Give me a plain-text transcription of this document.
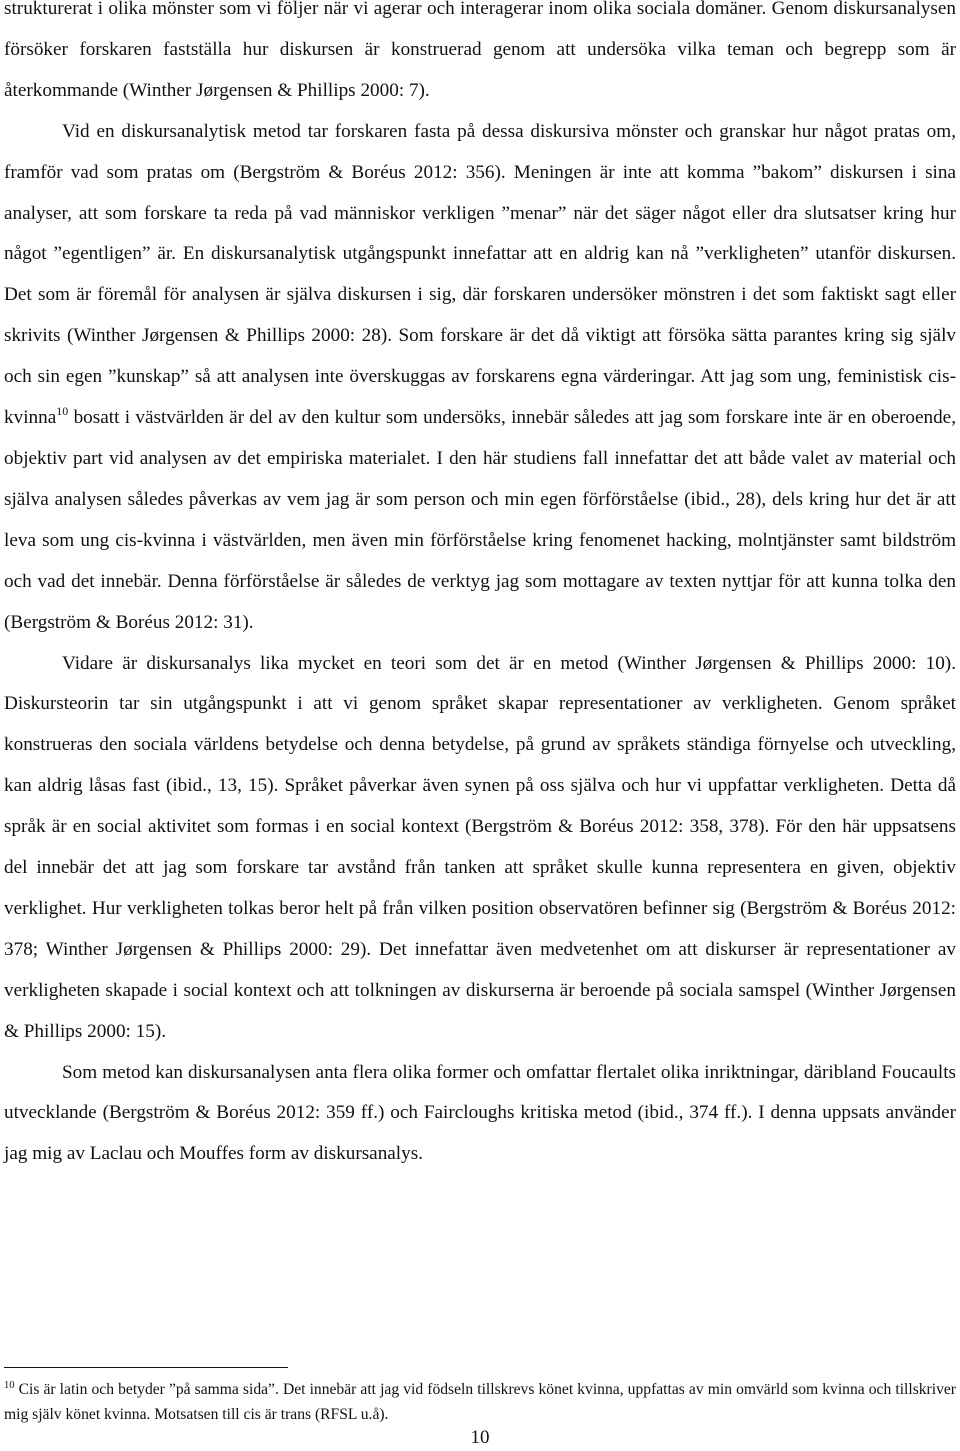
strukturerat i olika mönster som vi följer när vi agerar och interagerar inom olika sociala domäner. Genom diskursanalysen försöker forskaren fastställa hur diskursen är konstruerad genom att undersöka vilka teman och begrepp som är återkommande (Winther Jørgensen & Phillips 2000: 7).

Vid en diskursanalytisk metod tar forskaren fasta på dessa diskursiva mönster och granskar hur något pratas om, framför vad som pratas om (Bergström & Boréus 2012: 356). Meningen är inte att komma ”bakom” diskursen i sina analyser, att som forskare ta reda på vad människor verkligen ”menar” när det säger något eller dra slutsatser kring hur något ”egentligen” är. En diskursanalytisk utgångspunkt innefattar att en aldrig kan nå ”verkligheten” utanför diskursen. Det som är föremål för analysen är själva diskursen i sig, där forskaren undersöker mönstren i det som faktiskt sagt eller skrivits (Winther Jørgensen & Phillips 2000: 28). Som forskare är det då viktigt att försöka sätta parantes kring sig själv och sin egen ”kunskap” så att analysen inte överskuggas av forskarens egna värderingar. Att jag som ung, feministisk cis-kvinna$^{10}$ bosatt i västvärlden är del av den kultur som undersöks, innebär således att jag som forskare inte är en oberoende, objektiv part vid analysen av det empiriska materialet. I den här studiens fall innefattar det att både valet av material och själva analysen således påverkas av vem jag är som person och min egen förförståelse (ibid., 28), dels kring hur det är att leva som ung cis-kvinna i västvärlden, men även min förförståelse kring fenomenet hacking, molntjänster samt bildström och vad det innebär. Denna förförståelse är således de verktyg jag som mottagare av texten nyttjar för att kunna tolka den (Bergström & Boréus 2012: 31).

Vidare är diskursanalys lika mycket en teori som det är en metod (Winther Jørgensen & Phillips 2000: 10). Diskursteorin tar sin utgångspunkt i att vi genom språket skapar representationer av verkligheten. Genom språket konstrueras den sociala världens betydelse och denna betydelse, på grund av språkets ständiga förnyelse och utveckling, kan aldrig låsas fast (ibid., 13, 15). Språket påverkar även synen på oss själva och hur vi uppfattar verkligheten. Detta då språk är en social aktivitet som formas i en social kontext (Bergström & Boréus 2012: 358, 378). För den här uppsatsens del innebär det att jag som forskare tar avstånd från tanken att språket skulle kunna representera en given, objektiv verklighet. Hur verkligheten tolkas beror helt på från vilken position observatören befinner sig (Bergström & Boréus 2012: 378; Winther Jørgensen & Phillips 2000: 29). Det innefattar även medvetenhet om att diskurser är representationer av verkligheten skapade i social kontext och att tolkningen av diskurserna är beroende på sociala samspel (Winther Jørgensen & Phillips 2000: 15).

Som metod kan diskursanalysen anta flera olika former och omfattar flertalet olika inriktningar, däribland Foucaults utvecklande (Bergström & Boréus 2012: 359 ff.) och Faircloughs kritiska metod (ibid., 374 ff.). I denna uppsats använder jag mig av Laclau och Mouffes form av diskursanalys.

$^{10}$ Cis är latin och betyder ”på samma sida”. Det innebär att jag vid födseln tillskrevs könet kvinna, uppfattas av min omvärld som kvinna och tillskriver mig själv könet kvinna. Motsatsen till cis är trans (RFSL u.å).

10
